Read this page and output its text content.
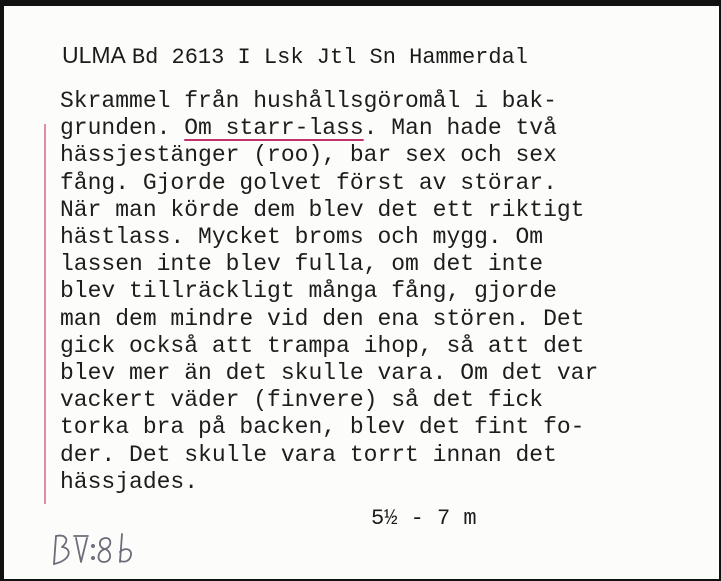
ULMA Bd 2613 I Lsk Jtl Sn Hammerdal
Skrammel från hushållsgöromål i bak-
grunden. Om starr-lass. Man hade två
hässjestänger (roo), bar sex och sex
fång. Gjorde golvet först av störar.
När man körde dem blev det ett riktigt
hästlass. Mycket broms och mygg. Om
lassen inte blev fulla, om det inte
blev tillräckligt många fång, gjorde
man dem mindre vid den ena stören. Det
gick också att trampa ihop, så att det
blev mer än det skulle vara. Om det var
vackert väder (finvere) så det fick
torka bra på backen, blev det fint fo-
der. Det skulle vara torrt innan det
hässjades.
5½ - 7 m
